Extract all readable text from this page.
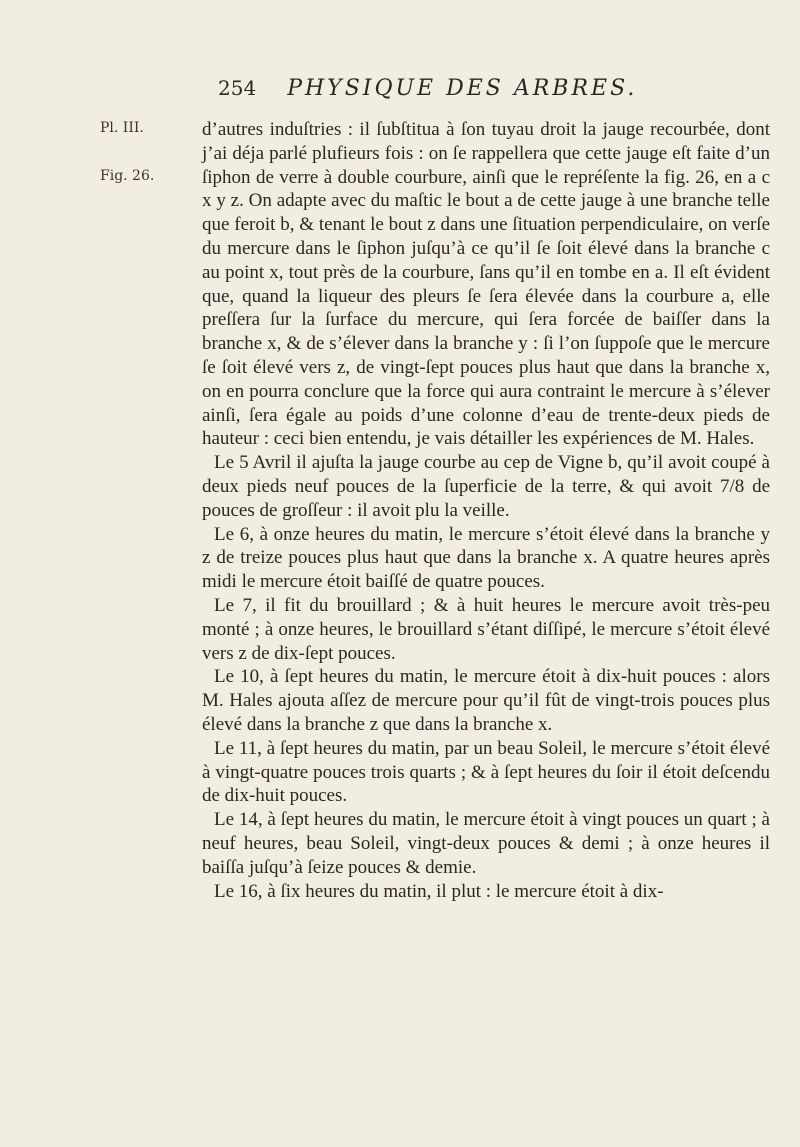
254 PHYSIQUE DES ARBRES.
Pl. III.
Fig. 26.

d’autres induſtries : il ſubſtitua à ſon tuyau droit la jauge recourbée, dont j’ai déja parlé plufieurs fois : on ſe rappellera que cette jauge eſt faite d’un ſiphon de verre à double courbure, ainſi que le repréſente la fig. 26, en a c x y z. On adapte avec du maſtic le bout a de cette jauge à une branche telle que feroit b, & tenant le bout z dans une ſituation perpendiculaire, on verſe du mercure dans le ſiphon juſqu’à ce qu’il ſe ſoit élevé dans la branche c au point x, tout près de la courbure, ſans qu’il en tombe en a. Il eſt évident que, quand la liqueur des pleurs ſe ſera élevée dans la courbure a, elle preſſera ſur la ſurface du mercure, qui ſera forcée de baiſſer dans la branche x, & de s’élever dans la branche y : ſi l’on ſuppoſe que le mercure ſe ſoit élevé vers z, de vingt-ſept pouces plus haut que dans la branche x, on en pourra conclure que la force qui aura contraint le mercure à s’élever ainſi, ſera égale au poids d’une colonne d’eau de trente-deux pieds de hauteur : ceci bien entendu, je vais détailler les expériences de M. Hales.

Le 5 Avril il ajuſta la jauge courbe au cep de Vigne b, qu’il avoit coupé à deux pieds neuf pouces de la ſuperficie de la terre, & qui avoit 7/8 de pouces de groſſeur : il avoit plu la veille.

Le 6, à onze heures du matin, le mercure s’étoit élevé dans la branche y z de treize pouces plus haut que dans la branche x. A quatre heures après midi le mercure étoit baiſſé de quatre pouces.

Le 7, il fit du brouillard ; & à huit heures le mercure avoit très-peu monté ; à onze heures, le brouillard s’étant diſſipé, le mercure s’étoit élevé vers z de dix-ſept pouces.

Le 10, à ſept heures du matin, le mercure étoit à dix-huit pouces : alors M. Hales ajouta aſſez de mercure pour qu’il fût de vingt-trois pouces plus élevé dans la branche z que dans la branche x.

Le 11, à ſept heures du matin, par un beau Soleil, le mercure s’étoit élevé à vingt-quatre pouces trois quarts ; & à ſept heures du ſoir il étoit deſcendu de dix-huit pouces.

Le 14, à ſept heures du matin, le mercure étoit à vingt pouces un quart ; à neuf heures, beau Soleil, vingt-deux pouces & demi ; à onze heures il baiſſa juſqu’à ſeize pouces & demie.

Le 16, à ſix heures du matin, il plut : le mercure étoit à dix-
